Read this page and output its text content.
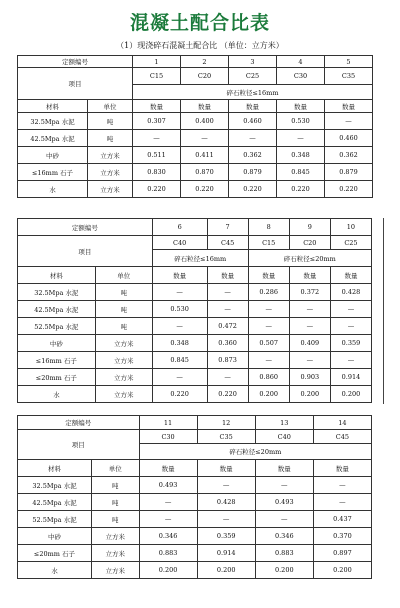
混凝土配合比表
（1）现浇碎石混凝土配合比 （单位：立方米）
定额编号		1	2	3	4	5
项目		C15	C20	C25	C30	C35
		碎石粒径≤16mm				
材料	单位	数量	数量	数量	数量	数量
32.5Mpa 水泥	吨	0.307	0.400	0.460	0.530	—
42.5Mpa 水泥	吨	—	—	—	—	0.460
中砂	立方米	0.511	0.411	0.362	0.348	0.362
≤16mm 石子	立方米	0.830	0.870	0.879	0.845	0.879
水	立方米	0.220	0.220	0.220	0.220	0.220
定额编号		6	7	8	9	10
项目		C40	C45	C15	C20	C25
		碎石粒径≤16mm		碎石粒径≤20mm		
材料	单位	数量	数量	数量	数量	数量
32.5Mpa 水泥	吨	—	—	0.286	0.372	0.428
42.5Mpa 水泥	吨	0.530	—	—	—	—
52.5Mpa 水泥	吨	—	0.472	—	—	—
中砂	立方米	0.348	0.360	0.507	0.409	0.359
≤16mm 石子	立方米	0.845	0.873	—	—	—
≤20mm 石子	立方米	—	—	0.860	0.903	0.914
水	立方米	0.220	0.220	0.200	0.200	0.200
定额编号		11	12	13	14
项目		C30	C35	C40	C45
		碎石粒径≤20mm			
材料	单位	数量	数量	数量	数量
32.5Mpa 水泥	吨	0.493	—	—	—
42.5Mpa 水泥	吨	—	0.428	0.493	—
52.5Mpa 水泥	吨	—	—	—	0.437
中砂	立方米	0.346	0.359	0.346	0.370
≤20mm 石子	立方米	0.883	0.914	0.883	0.897
水	立方米	0.200	0.200	0.200	0.200
